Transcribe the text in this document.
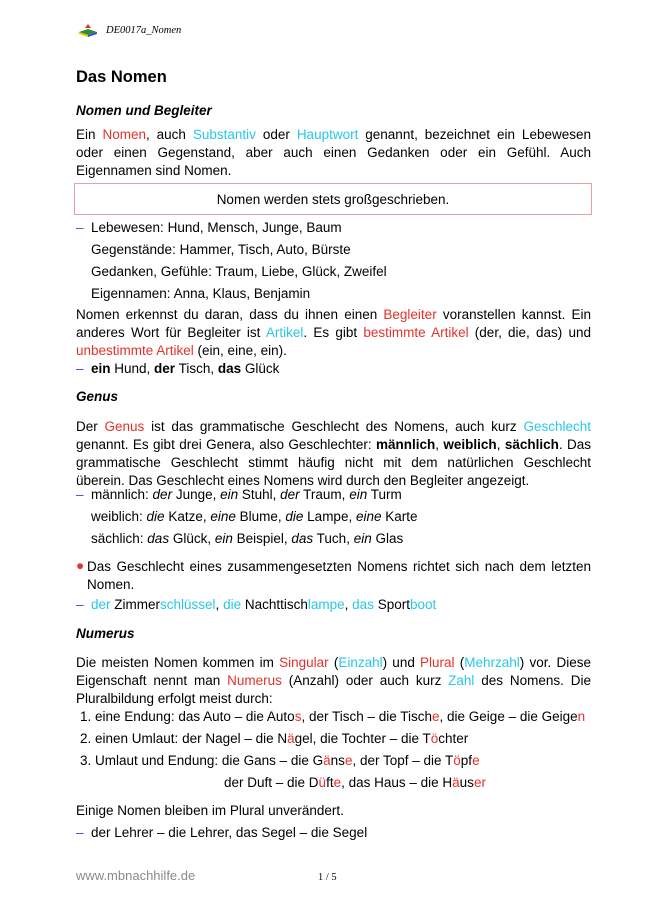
DE0017a_Nomen
Das Nomen
Nomen und Begleiter

Ein Nomen, auch Substantiv oder Hauptwort genannt, bezeichnet ein Lebewesen oder einen Gegenstand, aber auch einen Gedanken oder ein Gefühl. Auch Eigennamen sind Nomen.

Nomen werden stets großgeschrieben.
– Lebewesen: Hund, Mensch, Junge, Baum
Gegenstände: Hammer, Tisch, Auto, Bürste
Gedanken, Gefühle: Traum, Liebe, Glück, Zweifel
Eigennamen: Anna, Klaus, Benjamin

Nomen erkennst du daran, dass du ihnen einen Begleiter voranstellen kannst. Ein anderes Wort für Begleiter ist Artikel. Es gibt bestimmte Artikel (der, die, das) und unbestimmte Artikel (ein, eine, ein).

– ein Hund, der Tisch, das Glück
Genus

Der Genus ist das grammatische Geschlecht des Nomens, auch kurz Geschlecht genannt. Es gibt drei Genera, also Geschlechter: männlich, weiblich, sächlich. Das grammatische Geschlecht stimmt häufig nicht mit dem natürlichen Geschlecht überein. Das Geschlecht eines Nomens wird durch den Begleiter angezeigt.

– männlich: der Junge, ein Stuhl, der Traum, ein Turm
weiblich: die Katze, eine Blume, die Lampe, eine Karte
sächlich: das Glück, ein Beispiel, das Tuch, ein Glas
● Das Geschlecht eines zusammengesetzten Nomens richtet sich nach dem letzten Nomen.

– der Zimmerschlüssel, die Nachttischlampe, das Sportboot
Numerus

Die meisten Nomen kommen im Singular (Einzahl) und Plural (Mehrzahl) vor. Diese Eigenschaft nennt man Numerus (Anzahl) oder auch kurz Zahl des Nomens. Die Pluralbildung erfolgt meist durch:

1. eine Endung: das Auto – die Autos, der Tisch – die Tische, die Geige – die Geigen
2. einen Umlaut: der Nagel – die Nägel, die Tochter – die Töchter
3. Umlaut und Endung: die Gans – die Gänse, der Topf – die Töpfe
der Duft – die Düfte, das Haus – die Häuser
Einige Nomen bleiben im Plural unverändert.
– der Lehrer – die Lehrer, das Segel – die Segel
www.mbnachhilfe.de	1 / 5
